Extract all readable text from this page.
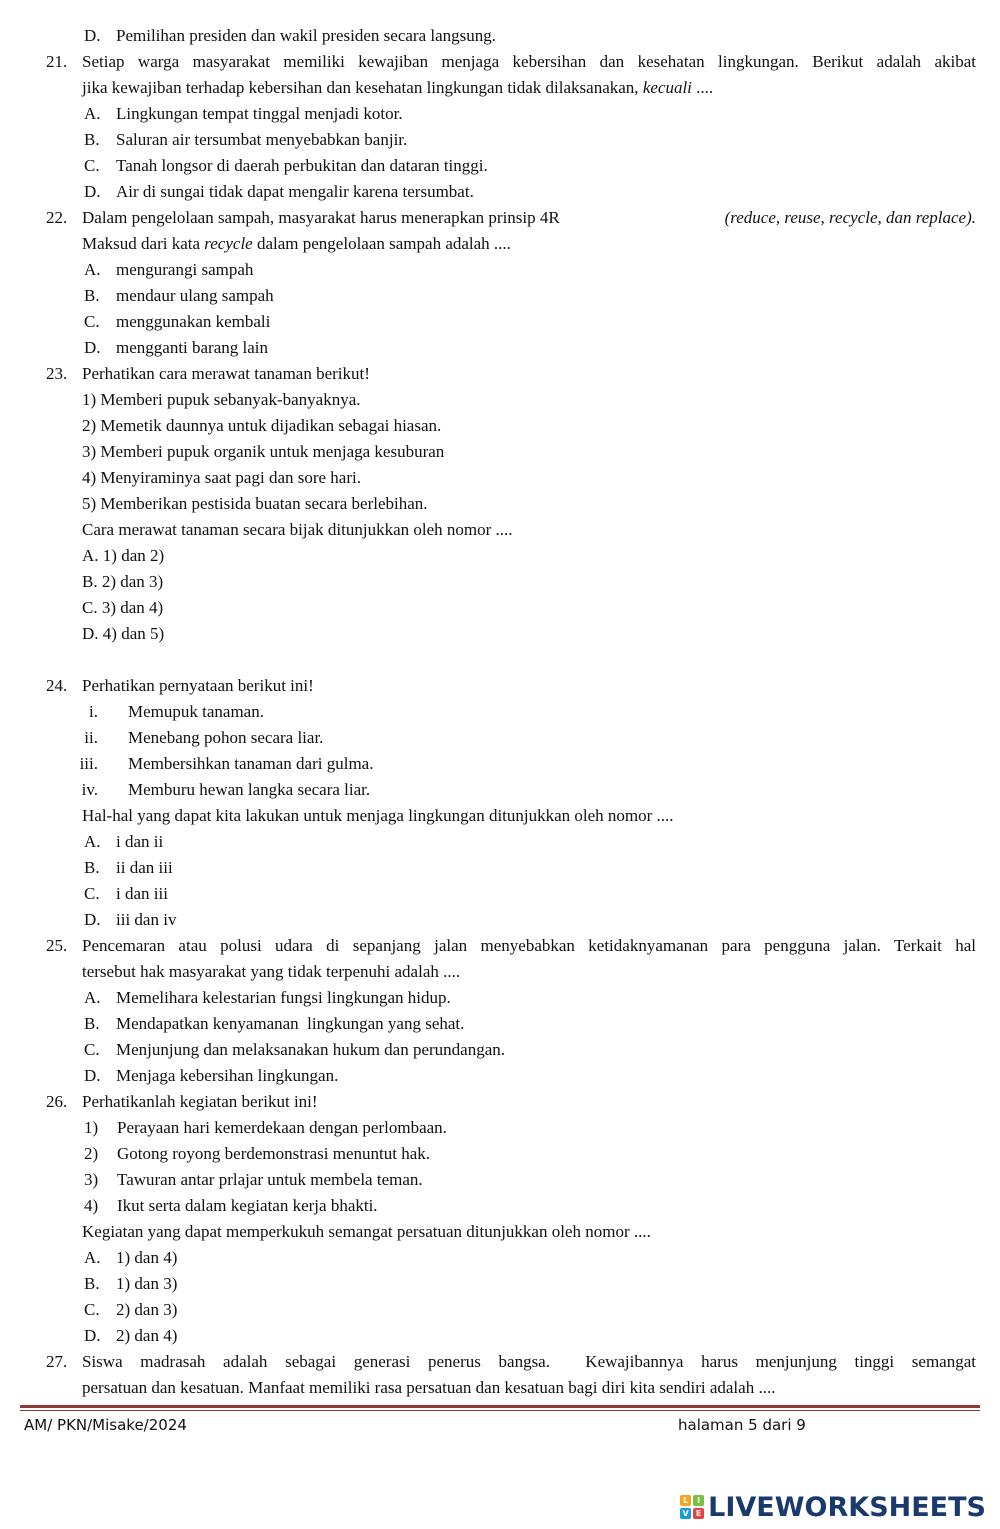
D. Pemilihan presiden dan wakil presiden secara langsung.
21. Setiap warga masyarakat memiliki kewajiban menjaga kebersihan dan kesehatan lingkungan. Berikut adalah akibat
jika kewajiban terhadap kebersihan dan kesehatan lingkungan tidak dilaksanakan, kecuali ....
A. Lingkungan tempat tinggal menjadi kotor.
B. Saluran air tersumbat menyebabkan banjir.
C. Tanah longsor di daerah perbukitan dan dataran tinggi.
D. Air di sungai tidak dapat mengalir karena tersumbat.
22. Dalam pengelolaan sampah, masyarakat harus menerapkan prinsip 4R	(reduce, reuse, recycle, dan replace).
Maksud dari kata recycle dalam pengelolaan sampah adalah ....
A. mengurangi sampah
B. mendaur ulang sampah
C. menggunakan kembali
D. mengganti barang lain
23. Perhatikan cara merawat tanaman berikut!
1) Memberi pupuk sebanyak-banyaknya.
2) Memetik daunnya untuk dijadikan sebagai hiasan.
3) Memberi pupuk organik untuk menjaga kesuburan
4) Menyiraminya saat pagi dan sore hari.
5) Memberikan pestisida buatan secara berlebihan.
Cara merawat tanaman secara bijak ditunjukkan oleh nomor ....
A. 1) dan 2)
B. 2) dan 3)
C. 3) dan 4)
D. 4) dan 5)
24. Perhatikan pernyataan berikut ini!
i. Memupuk tanaman.
ii. Menebang pohon secara liar.
iii. Membersihkan tanaman dari gulma.
iv. Memburu hewan langka secara liar.
Hal-hal yang dapat kita lakukan untuk menjaga lingkungan ditunjukkan oleh nomor ....
A. i dan ii
B. ii dan iii
C. i dan iii
D. iii dan iv
25. Pencemaran atau polusi udara di sepanjang jalan menyebabkan ketidaknyamanan para pengguna jalan. Terkait hal
tersebut hak masyarakat yang tidak terpenuhi adalah ....
A. Memelihara kelestarian fungsi lingkungan hidup.
B. Mendapatkan kenyamanan  lingkungan yang sehat.
C. Menjunjung dan melaksanakan hukum dan perundangan.
D. Menjaga kebersihan lingkungan.
26. Perhatikanlah kegiatan berikut ini!
1) Perayaan hari kemerdekaan dengan perlombaan.
2) Gotong royong berdemonstrasi menuntut hak.
3) Tawuran antar prlajar untuk membela teman.
4) Ikut serta dalam kegiatan kerja bhakti.
Kegiatan yang dapat memperkukuh semangat persatuan ditunjukkan oleh nomor ....
A. 1) dan 4)
B. 1) dan 3)
C. 2) dan 3)
D. 2) dan 4)
27. Siswa madrasah adalah sebagai generasi penerus bangsa.  Kewajibannya harus menjunjung tinggi semangat
persatuan dan kesatuan. Manfaat memiliki rasa persatuan dan kesatuan bagi diri kita sendiri adalah ....
AM/ PKN/Misake/2024	halaman 5 dari 9
L	I
V E LIVEWORKSHEETS
